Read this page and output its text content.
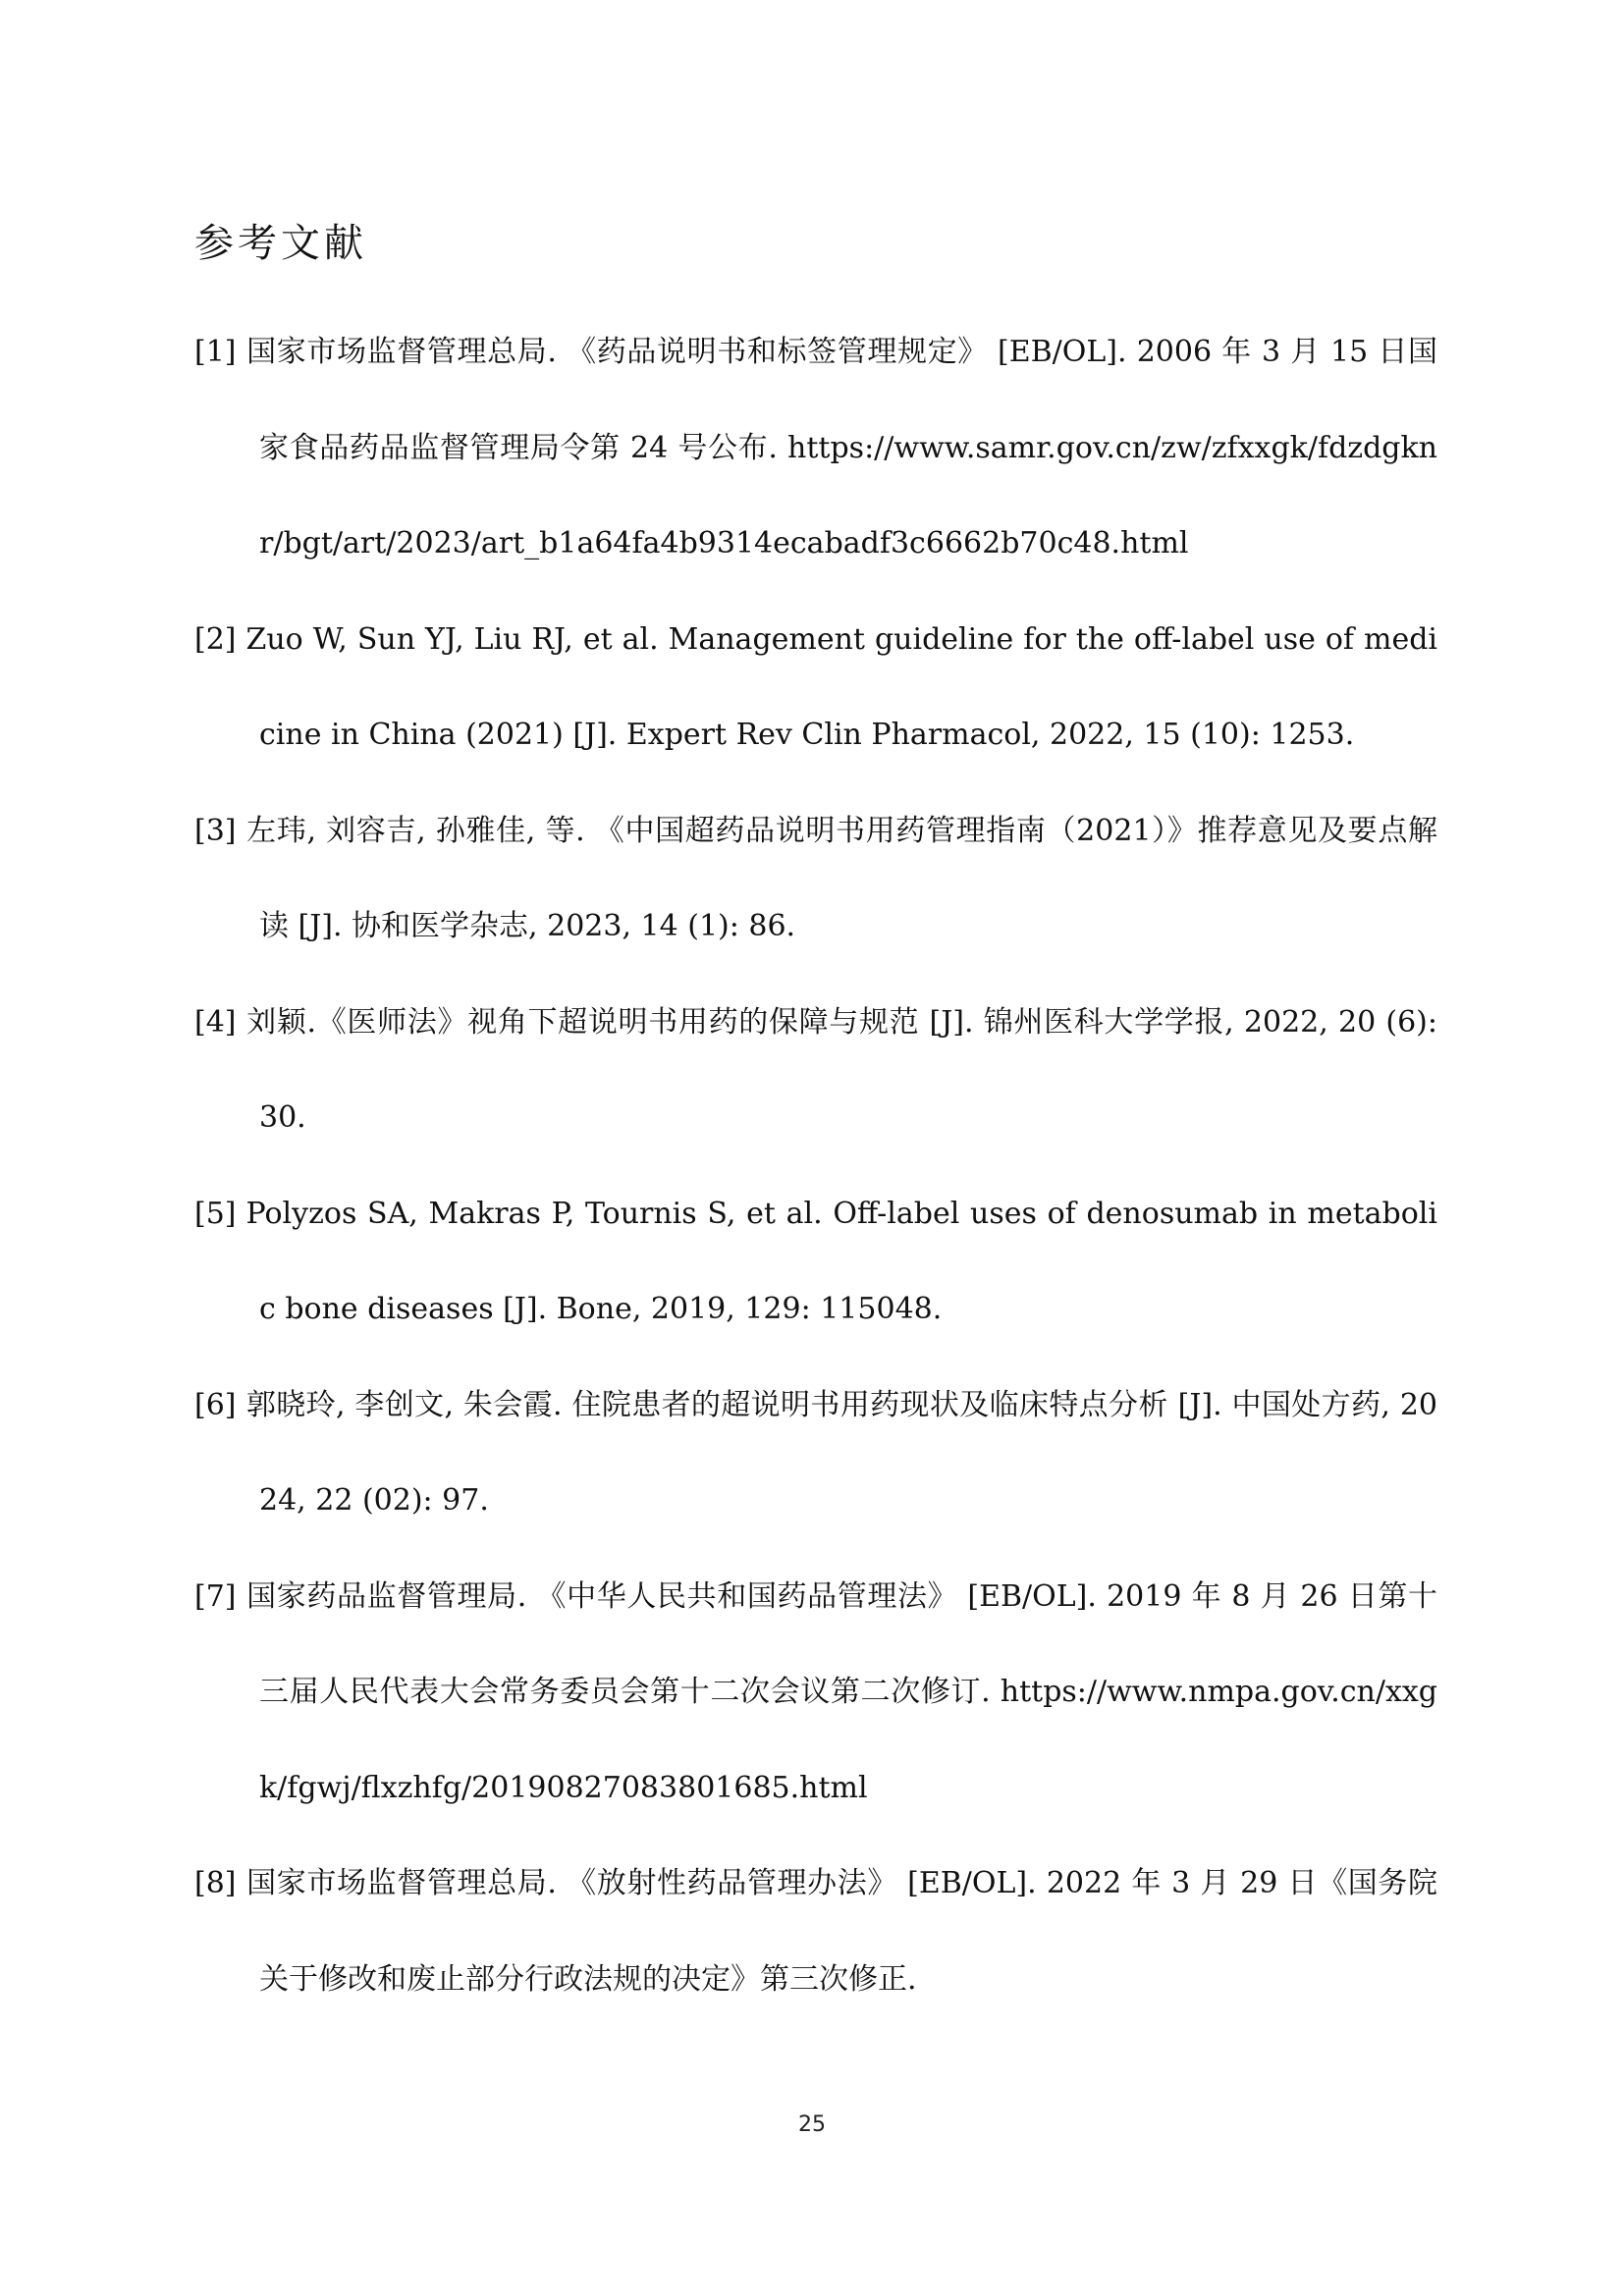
参考文献
[1] 国家市场监督管理总局. 《药品说明书和标签管理规定》 [EB/OL]. 2006 年 3 月 15 日国家食品药品监督管理局令第 24 号公布. https://www.samr.gov.cn/zw/zfxxgk/fdzdgknr/bgt/art/2023/art_b1a64fa4b9314ecabadf3c6662b70c48.html
[2] Zuo W, Sun YJ, Liu RJ, et al. Management guideline for the off-label use of medicine in China (2021) [J]. Expert Rev Clin Pharmacol, 2022, 15 (10): 1253.
[3] 左玮, 刘容吉, 孙雅佳, 等. 《中国超药品说明书用药管理指南（2021）》推荐意见及要点解读 [J]. 协和医学杂志, 2023, 14 (1): 86.
[4] 刘颖.《医师法》视角下超说明书用药的保障与规范 [J]. 锦州医科大学学报, 2022, 20 (6): 30.
[5] Polyzos SA, Makras P, Tournis S, et al. Off-label uses of denosumab in metabolic bone diseases [J]. Bone, 2019, 129: 115048.
[6] 郭晓玲, 李创文, 朱会霞. 住院患者的超说明书用药现状及临床特点分析 [J]. 中国处方药, 2024, 22 (02): 97.
[7] 国家药品监督管理局. 《中华人民共和国药品管理法》 [EB/OL]. 2019 年 8 月 26 日第十三届人民代表大会常务委员会第十二次会议第二次修订. https://www.nmpa.gov.cn/xxgk/fgwj/flxzhfg/20190827083801685.html
[8] 国家市场监督管理总局. 《放射性药品管理办法》 [EB/OL]. 2022 年 3 月 29 日《国务院关于修改和废止部分行政法规的决定》第三次修正.
25
